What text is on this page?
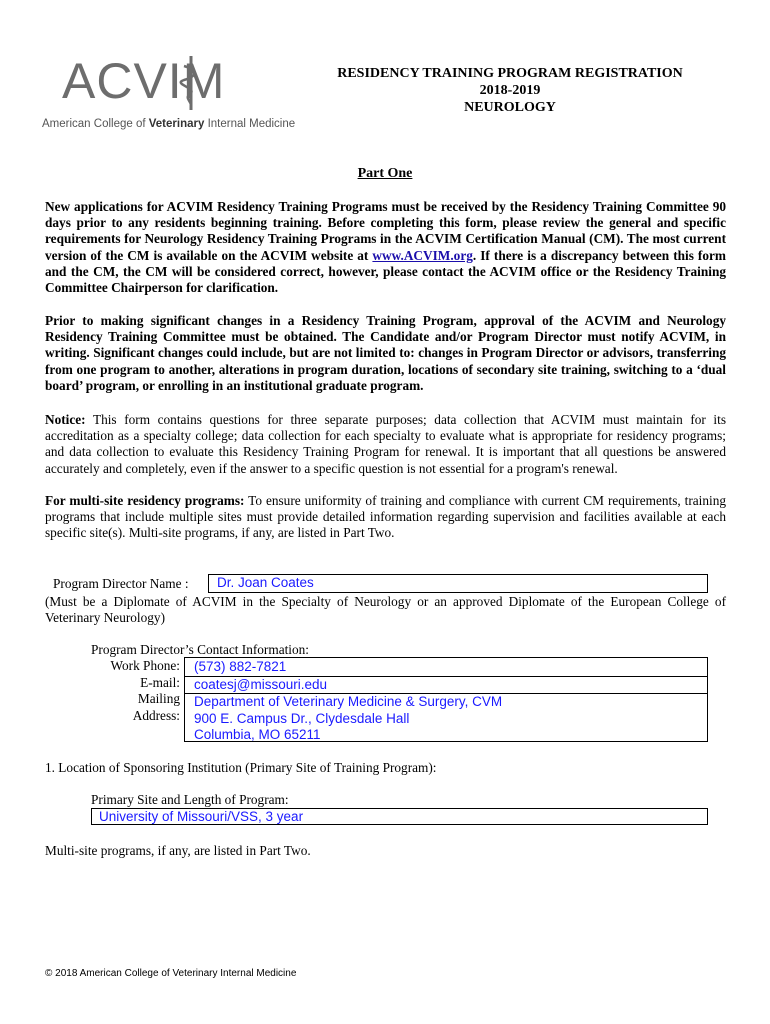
ACVIM
American College of Veterinary Internal Medicine
RESIDENCY TRAINING PROGRAM REGISTRATION
2018-2019
NEUROLOGY
Part One
New applications for ACVIM Residency Training Programs must be received by the Residency Training Committee 90 days prior to any residents beginning training. Before completing this form, please review the general and specific requirements for Neurology Residency Training Programs in the ACVIM Certification Manual (CM). The most current version of the CM is available on the ACVIM website at www.ACVIM.org. If there is a discrepancy between this form and the CM, the CM will be considered correct, however, please contact the ACVIM office or the Residency Training Committee Chairperson for clarification.
Prior to making significant changes in a Residency Training Program, approval of the ACVIM and Neurology Residency Training Committee must be obtained. The Candidate and/or Program Director must notify ACVIM, in writing. Significant changes could include, but are not limited to: changes in Program Director or advisors, transferring from one program to another, alterations in program duration, locations of secondary site training, switching to a ‘dual board’ program, or enrolling in an institutional graduate program.
Notice: This form contains questions for three separate purposes; data collection that ACVIM must maintain for its accreditation as a specialty college; data collection for each specialty to evaluate what is appropriate for residency programs; and data collection to evaluate this Residency Training Program for renewal. It is important that all questions be answered accurately and completely, even if the answer to a specific question is not essential for a program's renewal.
For multi-site residency programs: To ensure uniformity of training and compliance with current CM requirements, training programs that include multiple sites must provide detailed information regarding supervision and facilities available at each specific site(s). Multi-site programs, if any, are listed in Part Two.
Program Director Name :	Dr. Joan Coates
(Must be a Diplomate of ACVIM in the Specialty of Neurology or an approved Diplomate of the European College of Veterinary Neurology)
Program Director’s Contact Information:
Work Phone:
E-mail:
Mailing
Address:
(573) 882-7821
coatesj@missouri.edu
Department of Veterinary Medicine & Surgery, CVM
900 E. Campus Dr., Clydesdale Hall
Columbia, MO 65211
1. Location of Sponsoring Institution (Primary Site of Training Program):
Primary Site and Length of Program:
University of Missouri/VSS, 3 year
Multi-site programs, if any, are listed in Part Two.
© 2018 American College of Veterinary Internal Medicine
